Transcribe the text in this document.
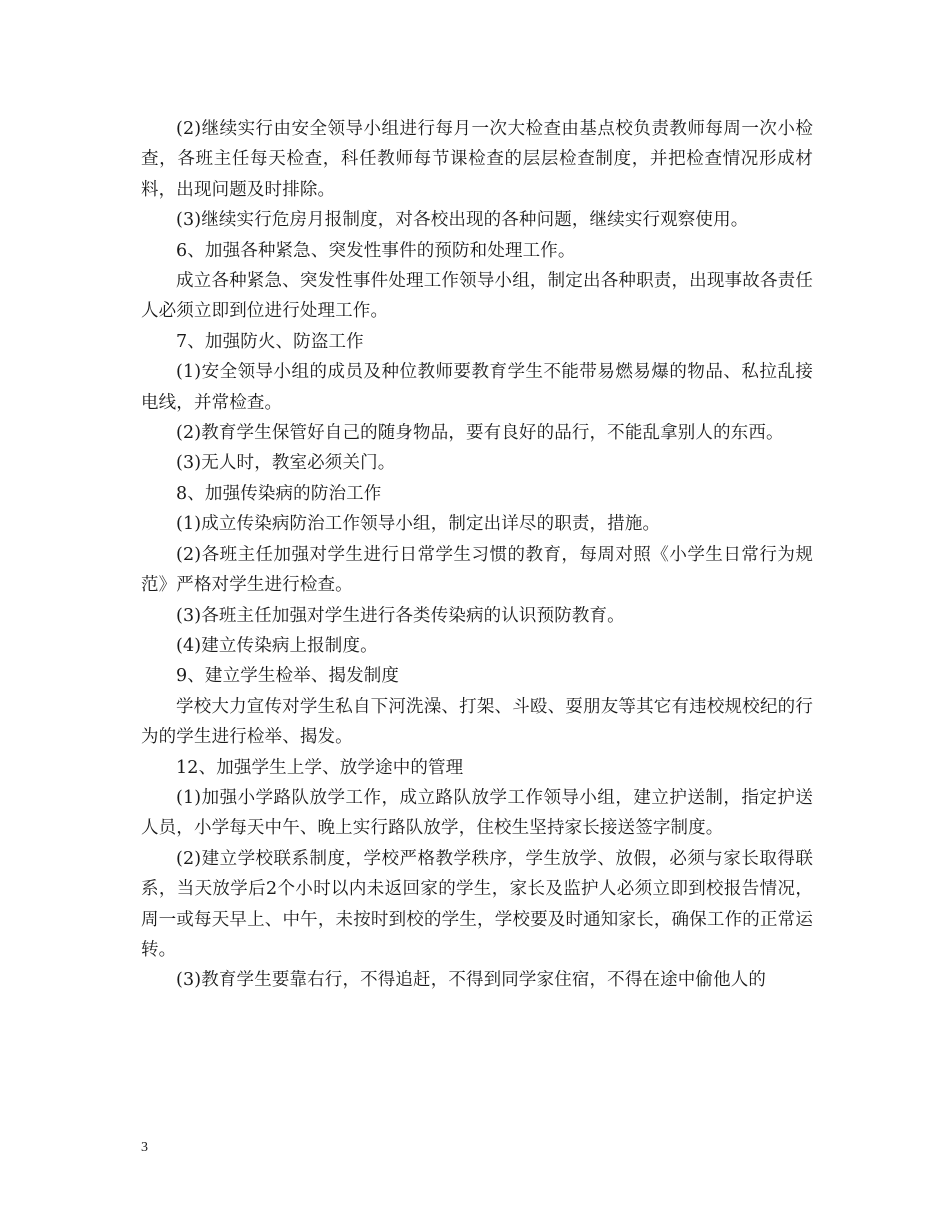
(2)继续实行由安全领导小组进行每月一次大检查由基点校负责教师每周一次小检查，各班主任每天检查，科任教师每节课检查的层层检查制度，并把检查情况形成材料，出现问题及时排除。

(3)继续实行危房月报制度，对各校出现的各种问题，继续实行观察使用。

6、加强各种紧急、突发性事件的预防和处理工作。

成立各种紧急、突发性事件处理工作领导小组，制定出各种职责，出现事故各责任人必须立即到位进行处理工作。

7、加强防火、防盗工作

(1)安全领导小组的成员及种位教师要教育学生不能带易燃易爆的物品、私拉乱接电线，并常检查。

(2)教育学生保管好自己的随身物品，要有良好的品行，不能乱拿别人的东西。

(3)无人时，教室必须关门。

8、加强传染病的防治工作

(1)成立传染病防治工作领导小组，制定出详尽的职责，措施。

(2)各班主任加强对学生进行日常学生习惯的教育，每周对照《小学生日常行为规范》严格对学生进行检查。

(3)各班主任加强对学生进行各类传染病的认识预防教育。

(4)建立传染病上报制度。

9、建立学生检举、揭发制度

学校大力宣传对学生私自下河洗澡、打架、斗殴、耍朋友等其它有违校规校纪的行为的学生进行检举、揭发。

12、加强学生上学、放学途中的管理

(1)加强小学路队放学工作，成立路队放学工作领导小组，建立护送制，指定护送人员，小学每天中午、晚上实行路队放学，住校生坚持家长接送签字制度。

(2)建立学校联系制度，学校严格教学秩序，学生放学、放假，必须与家长取得联系，当天放学后2个小时以内未返回家的学生，家长及监护人必须立即到校报告情况，周一或每天早上、中午，未按时到校的学生，学校要及时通知家长，确保工作的正常运转。

(3)教育学生要靠右行，不得追赶，不得到同学家住宿，不得在途中偷他人的

3
